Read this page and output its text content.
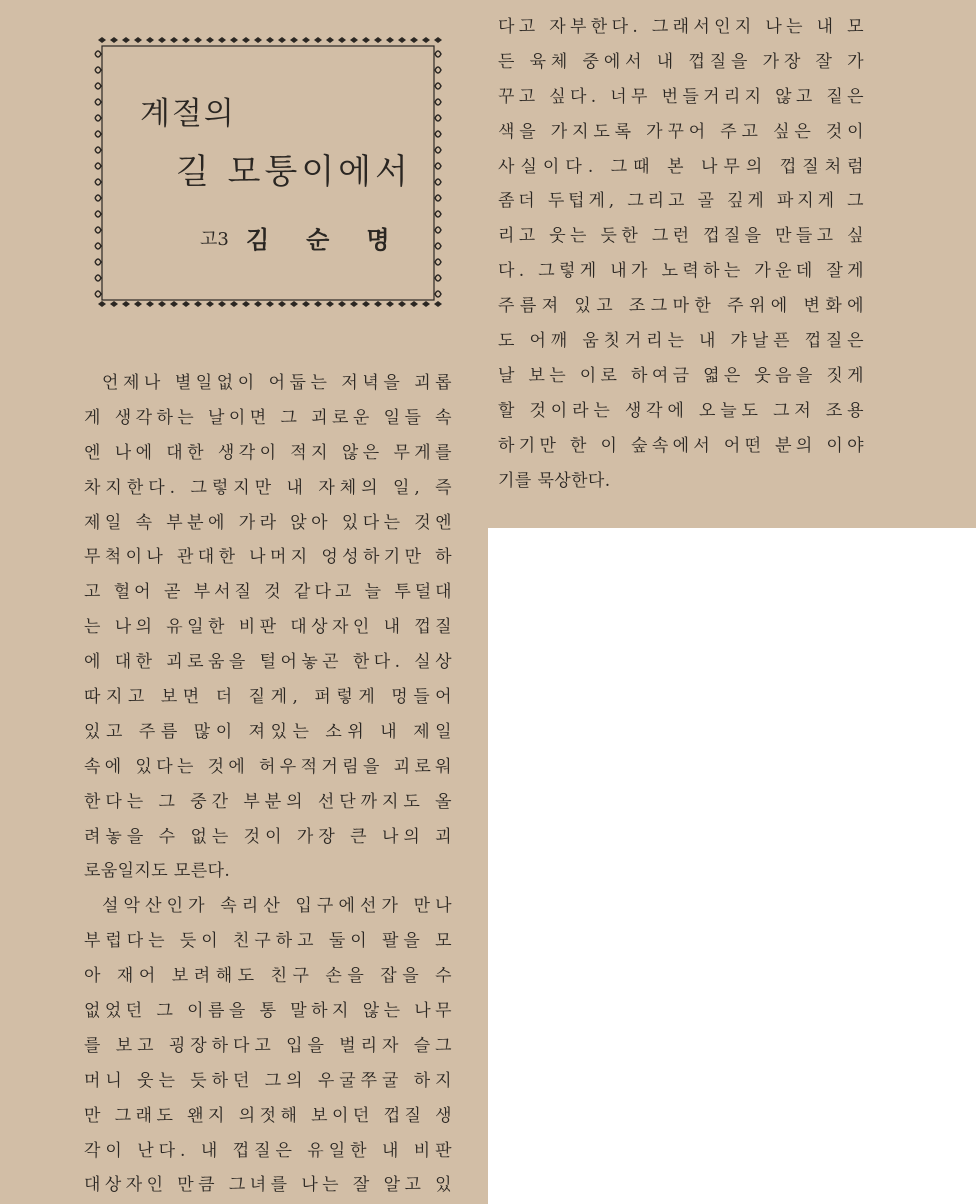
계절의
길 모퉁이에서
고3 김순명
언제나 별일없이 어둡는 저녁을 괴롭
게 생각하는 날이면 그 괴로운 일들 속
엔 나에 대한 생각이 적지 않은 무게를
차지한다. 그렇지만 내 자체의 일, 즉
제일 속 부분에 가라 앉아 있다는 것엔
무척이나 관대한 나머지 엉성하기만 하
고 헐어 곧 부서질 것 같다고 늘 투덜대
는 나의 유일한 비판 대상자인 내 껍질
에 대한 괴로움을 털어놓곤 한다. 실상
따지고 보면 더 짙게, 퍼렇게 멍들어
있고 주름 많이 져있는 소위 내 제일
속에 있다는 것에 허우적거림을 괴로워
한다는 그 중간 부분의 선단까지도 올
려놓을 수 없는 것이 가장 큰 나의 괴
로움일지도 모른다.
설악산인가 속리산 입구에선가 만나
부럽다는 듯이 친구하고 둘이 팔을 모
아 재어 보려해도 친구 손을 잡을 수
없었던 그 이름을 통 말하지 않는 나무
를 보고 굉장하다고 입을 벌리자 슬그
머니 웃는 듯하던 그의 우굴쭈굴 하지
만 그래도 왠지 의젓해 보이던 껍질 생
각이 난다. 내 껍질은 유일한 내 비판
대상자인 만큼 그녀를 나는 잘 알고 있
다고 자부한다. 그래서인지 나는 내 모
든 육체 중에서 내 껍질을 가장 잘 가
꾸고 싶다. 너무 번들거리지 않고 짙은
색을 가지도록 가꾸어 주고 싶은 것이
사실이다. 그때 본 나무의 껍질처럼
좀더 두텁게, 그리고 골 깊게 파지게 그
리고 웃는 듯한 그런 껍질을 만들고 싶
다. 그렇게 내가 노력하는 가운데 잘게
주름져 있고 조그마한 주위에 변화에
도 어깨 움칫거리는 내 갸날픈 껍질은
날 보는 이로 하여금 엷은 웃음을 짓게
할 것이라는 생각에 오늘도 그저 조용
하기만 한 이 숲속에서 어떤 분의 이야
기를 묵상한다.
